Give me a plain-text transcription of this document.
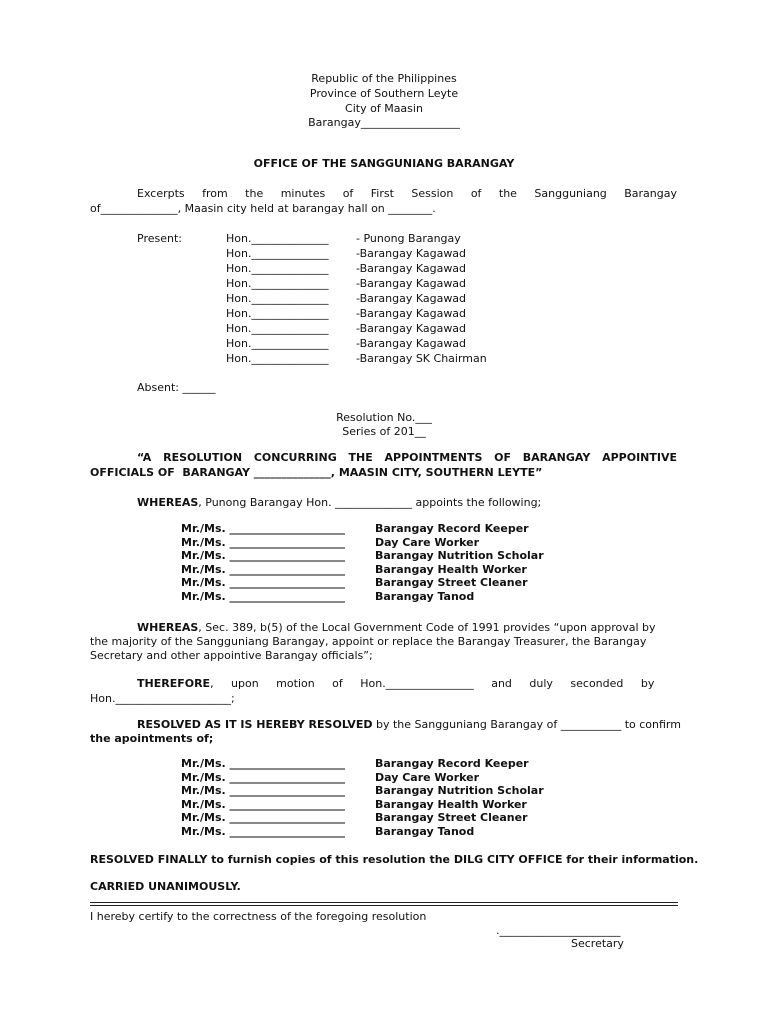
Republic of the Philippines
Province of Southern Leyte
City of Maasin
Barangay__________________
OFFICE OF THE SANGGUNIANG BARANGAY
Excerpts from the minutes of First Session of the Sangguniang Barangay
of______________, Maasin city held at barangay hall on ________.
Present:	Hon.______________	- Punong Barangay
Hon.______________	-Barangay Kagawad
Hon.______________	-Barangay Kagawad
Hon.______________	-Barangay Kagawad
Hon.______________	-Barangay Kagawad
Hon.______________	-Barangay Kagawad
Hon.______________	-Barangay Kagawad
Hon.______________	-Barangay Kagawad
Hon.______________	-Barangay SK Chairman
Absent: ______
Resolution No.___
Series of 201__
“A RESOLUTION CONCURRING THE APPOINTMENTS OF BARANGAY APPOINTIVE
OFFICIALS OF  BARANGAY ______________, MAASIN CITY, SOUTHERN LEYTE”
WHEREAS, Punong Barangay Hon. ______________ appoints the following;
Mr./Ms. _____________________	Barangay Record Keeper
Mr./Ms. _____________________	Day Care Worker
Mr./Ms. _____________________	Barangay Nutrition Scholar
Mr./Ms. _____________________	Barangay Health Worker
Mr./Ms. _____________________	Barangay Street Cleaner
Mr./Ms. _____________________	Barangay Tanod
WHEREAS, Sec. 389, b(5) of the Local Government Code of 1991 provides “upon approval by
the majority of the Sangguniang Barangay, appoint or replace the Barangay Treasurer, the Barangay
Secretary and other appointive Barangay officials”;
THEREFORE,     upon     motion     of     Hon.________________     and     duly     seconded     by
Hon._____________________;
RESOLVED AS IT IS HEREBY RESOLVED by the Sangguniang Barangay of ___________ to confirm
the apointments of;
Mr./Ms. _____________________	Barangay Record Keeper
Mr./Ms. _____________________	Day Care Worker
Mr./Ms. _____________________	Barangay Nutrition Scholar
Mr./Ms. _____________________	Barangay Health Worker
Mr./Ms. _____________________	Barangay Street Cleaner
Mr./Ms. _____________________	Barangay Tanod
RESOLVED FINALLY to furnish copies of this resolution the DILG CITY OFFICE for their information.
CARRIED UNANIMOUSLY.
I hereby certify to the correctness of the foregoing resolution
.______________________
Secretary
